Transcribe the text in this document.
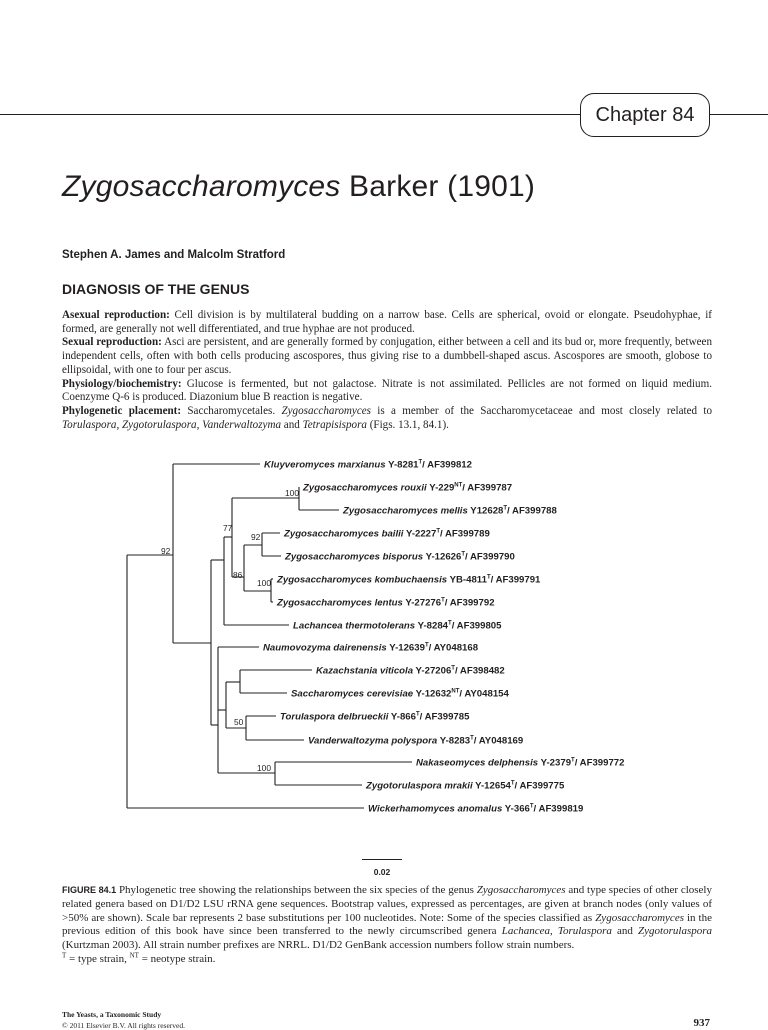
Chapter 84
Zygosaccharomyces Barker (1901)
Stephen A. James and Malcolm Stratford
DIAGNOSIS OF THE GENUS

Asexual reproduction: Cell division is by multilateral budding on a narrow base. Cells are spherical, ovoid or elongate. Pseudohyphae, if formed, are generally not well differentiated, and true hyphae are not produced.

Sexual reproduction: Asci are persistent, and are generally formed by conjugation, either between a cell and its bud or, more frequently, between independent cells, often with both cells producing ascospores, thus giving rise to a dumbbell-shaped ascus. Ascospores are smooth, globose to ellipsoidal, with one to four per ascus.

Physiology/biochemistry: Glucose is fermented, but not galactose. Nitrate is not assimilated. Pellicles are not formed on liquid medium. Coenzyme Q-6 is produced. Diazonium blue B reaction is negative.

Phylogenetic placement: Saccharomycetales. Zygosaccharomyces is a member of the Saccharomycetaceae and most closely related to Torulaspora, Zygotorulaspora, Vanderwaltozyma and Tetrapisispora (Figs. 13.1, 84.1).

Kluyveromyces marxianus $Y-8281^T/$ AF399812
Zygosaccharomyces rouxii $Y-229^{NT}/$ AF399787
Zygosaccharomyces mellis $Y12628^T/$ AF399788
Zygosaccharomyces bailii $Y-2227^T/$ AF399789
Zygosaccharomyces bisporus $Y-12626^T/$ AF399790
Zygosaccharomyces kombuchaensis $YB-4811^T/$ AF399791
Zygosaccharomyces lentus $Y-27276^T/$ AF399792
Lachancea thermotolerans $Y-8284^T/$ AF399805
Naumovozyma dairenensis $Y-12639^T/$ AY048168
Kazachstania viticola $Y-27206^T/$ AF398482
Saccharomyces cerevisiae $Y-12632^{NT}/$ AY048154
Torulaspora delbrueckii $Y-866^T/$ AF399785
Vanderwaltozyma polyspora $Y-8283^T/$ AY048169
Nakaseomyces delphensis $Y-2379^T/$ AF399772
Zygotorulaspora mrakii $Y-12654^T/$ AF399775
Wickerhamomyces anomalus $Y-366^T/$ AF399819
100
77
92
92
86
100
50
100
0.02
FIGURE 84.1 Phylogenetic tree showing the relationships between the six species of the genus Zygosaccharomyces and type species of other closely related genera based on D1/D2 LSU rRNA gene sequences. Bootstrap values, expressed as percentages, are given at branch nodes (only values of >50% are shown). Scale bar represents 2 base substitutions per 100 nucleotides. Note: Some of the species classified as Zygosaccharomyces in the previous edition of this book have since been transferred to the newly circumscribed genera Lachancea, Torulaspora and Zygotorulaspora (Kurtzman 2003). All strain number prefixes are NRRL. D1/D2 GenBank accession numbers follow strain numbers.
$^T$ = type strain, $^{NT}$ = neotype strain.
The Yeasts, a Taxonomic Study
© 2011 Elsevier B.V. All rights reserved.	937
